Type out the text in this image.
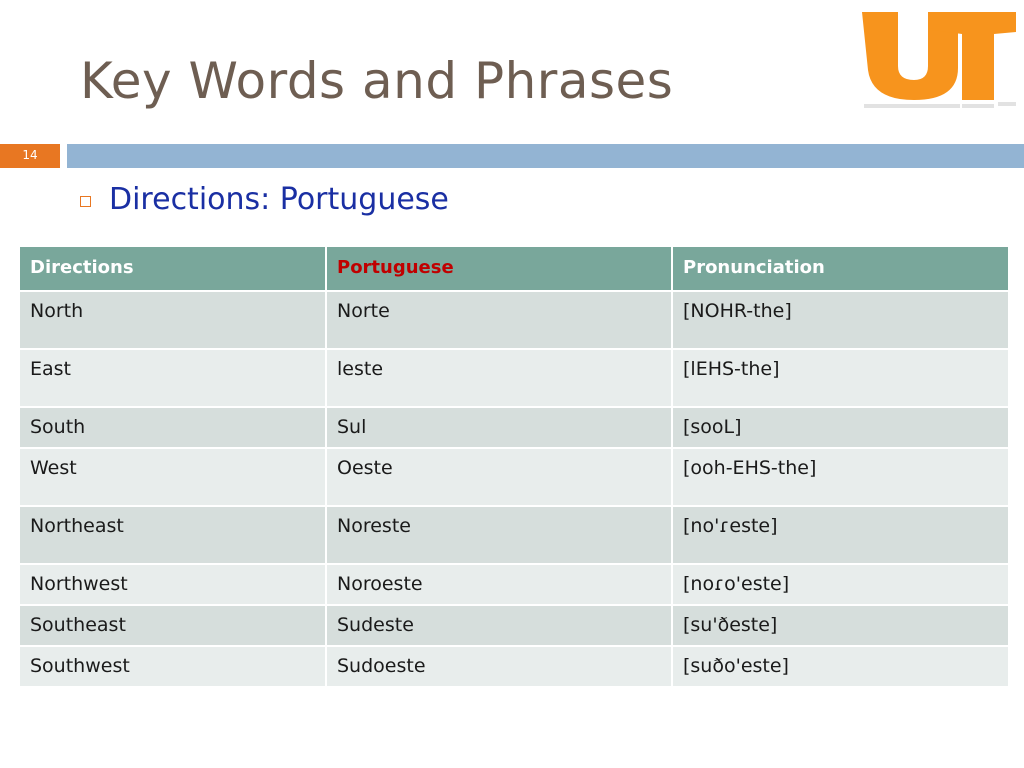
Key Words and Phrases
14
Directions: Portuguese
Directions	Portuguese	Pronunciation
North	Norte	[NOHR-the]
East	leste	[lEHS-the]
South	Sul	[sooL]
West	Oeste	[ooh-EHS-the]
Northeast	Noreste	[no'ɾeste]
Northwest	Noroeste	[noɾo'este]
Southeast	Sudeste	[su'ðeste]
Southwest	Sudoeste	[suðo'este]
